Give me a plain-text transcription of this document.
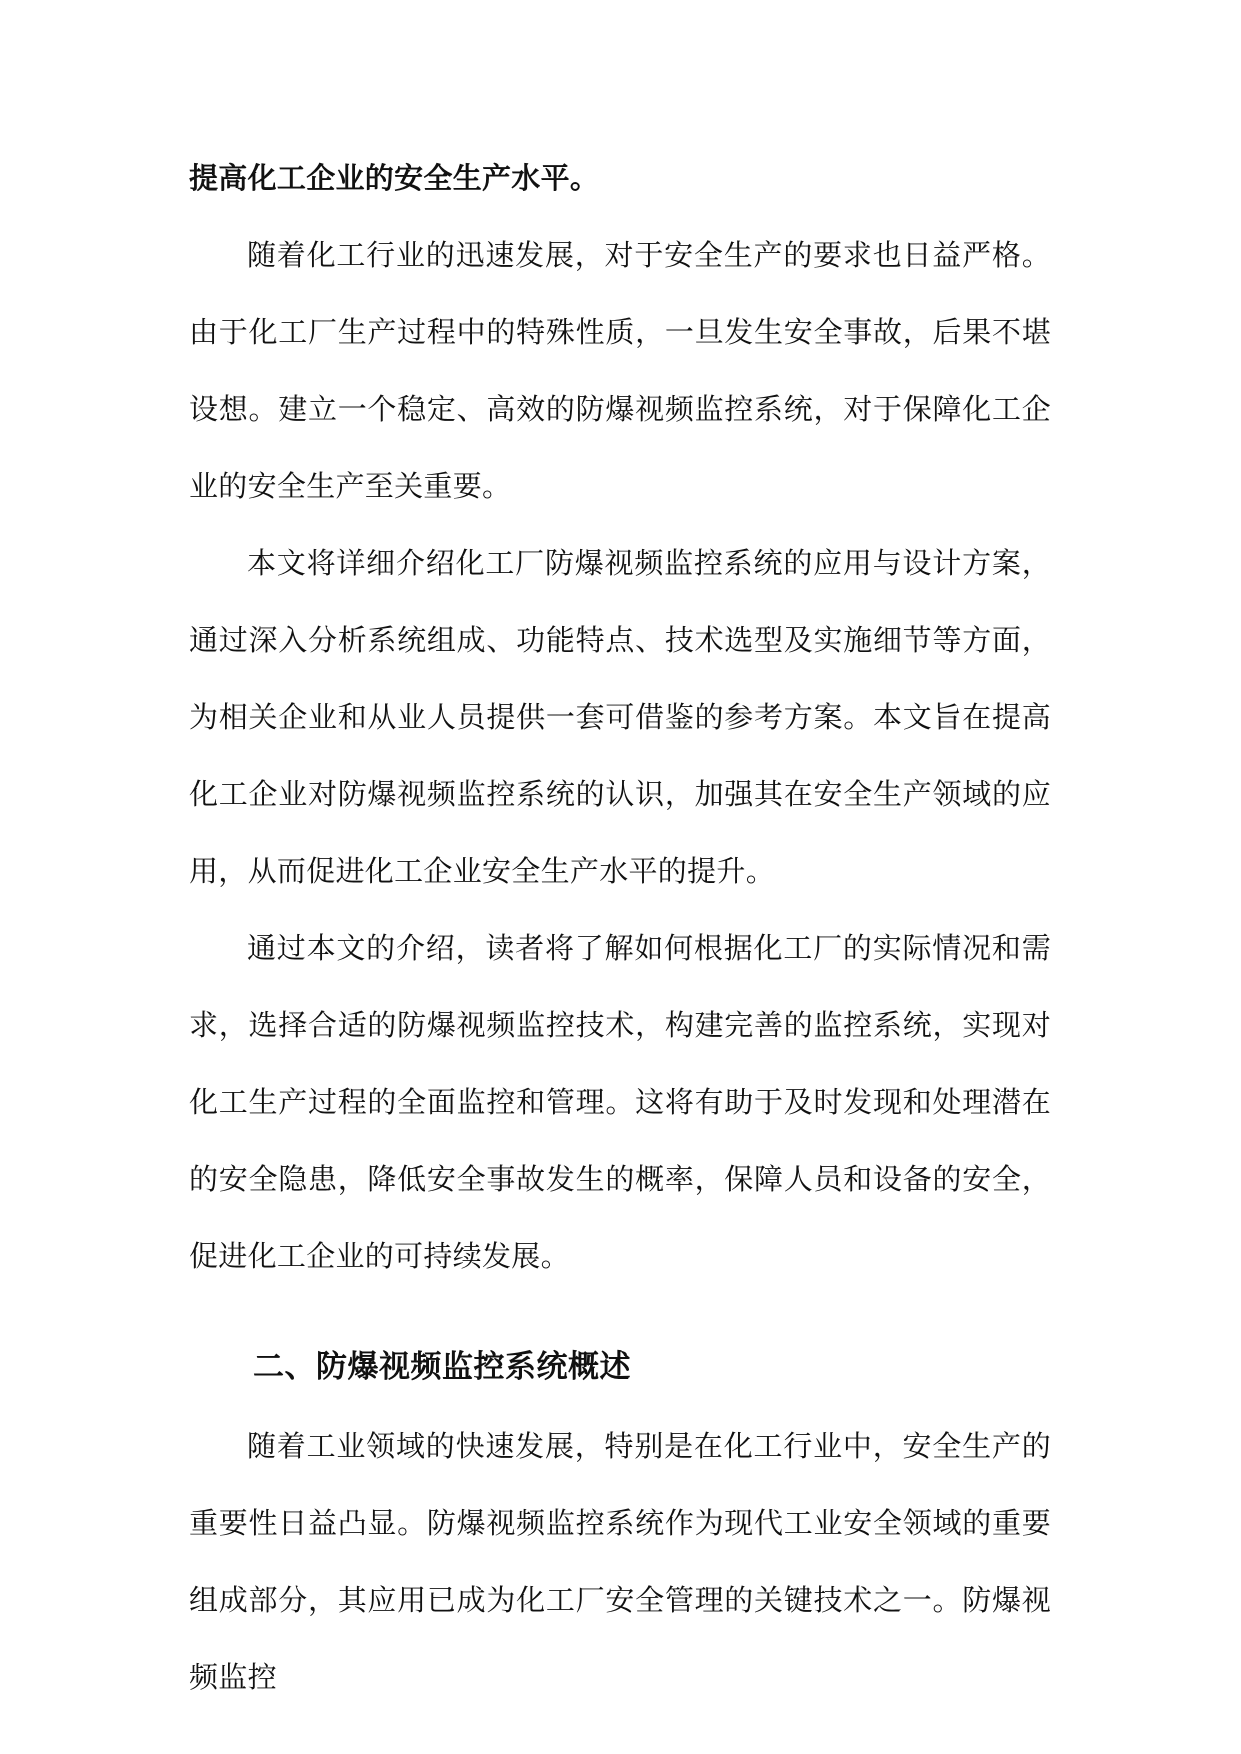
提高化工企业的安全生产水平。

随着化工行业的迅速发展，对于安全生产的要求也日益严格。由于化工厂生产过程中的特殊性质，一旦发生安全事故，后果不堪设想。建立一个稳定、高效的防爆视频监控系统，对于保障化工企业的安全生产至关重要。

本文将详细介绍化工厂防爆视频监控系统的应用与设计方案，通过深入分析系统组成、功能特点、技术选型及实施细节等方面，为相关企业和从业人员提供一套可借鉴的参考方案。本文旨在提高化工企业对防爆视频监控系统的认识，加强其在安全生产领域的应用，从而促进化工企业安全生产水平的提升。

通过本文的介绍，读者将了解如何根据化工厂的实际情况和需求，选择合适的防爆视频监控技术，构建完善的监控系统，实现对化工生产过程的全面监控和管理。这将有助于及时发现和处理潜在的安全隐患，降低安全事故发生的概率，保障人员和设备的安全，促进化工企业的可持续发展。

二、防爆视频监控系统概述

随着工业领域的快速发展，特别是在化工行业中，安全生产的重要性日益凸显。防爆视频监控系统作为现代工业安全领域的重要组成部分，其应用已成为化工厂安全管理的关键技术之一。防爆视频监控
